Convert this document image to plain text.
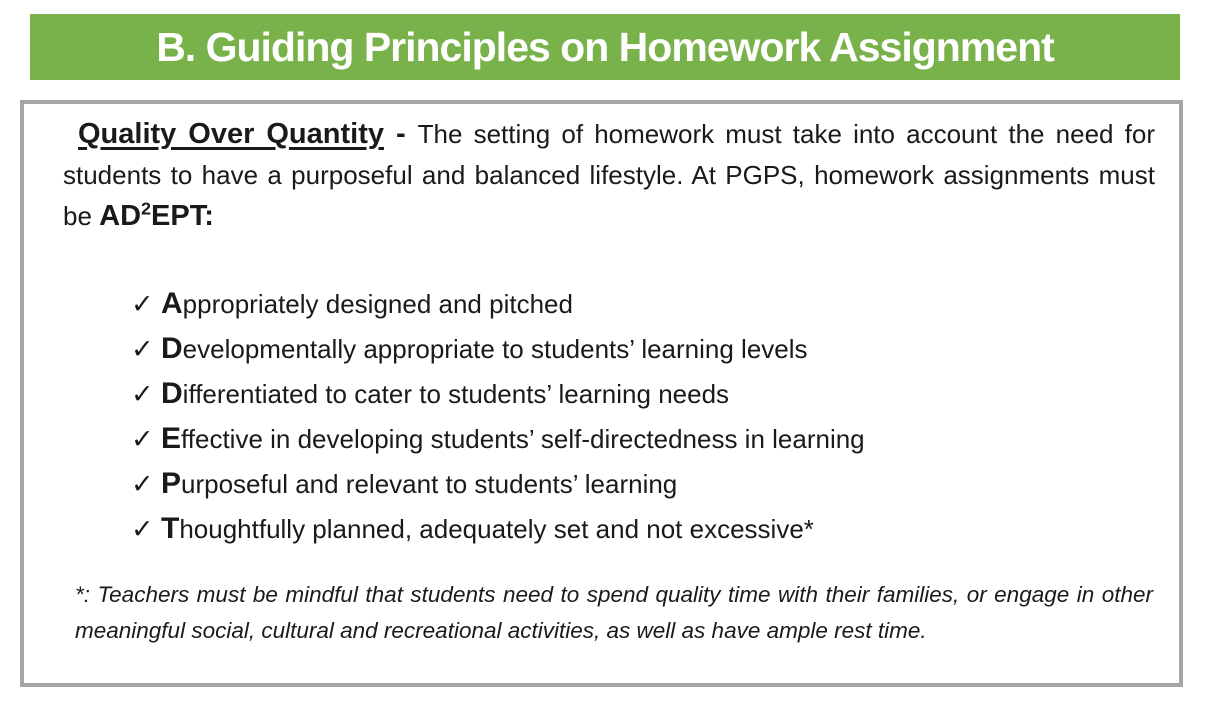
B. Guiding Principles on Homework Assignment

Quality Over Quantity - The setting of homework must take into account the need for students to have a purposeful and balanced lifestyle. At PGPS, homework assignments must be $AD^2EPT$:

✓ Appropriately designed and pitched
✓ Developmentally appropriate to students’ learning levels
✓ Differentiated to cater to students’ learning needs
✓ Effective in developing students’ self-directedness in learning
✓ Purposeful and relevant to students’ learning
✓ Thoughtfully planned, adequately set and not excessive*

*: Teachers must be mindful that students need to spend quality time with their families, or engage in other meaningful social, cultural and recreational activities, as well as have ample rest time.
